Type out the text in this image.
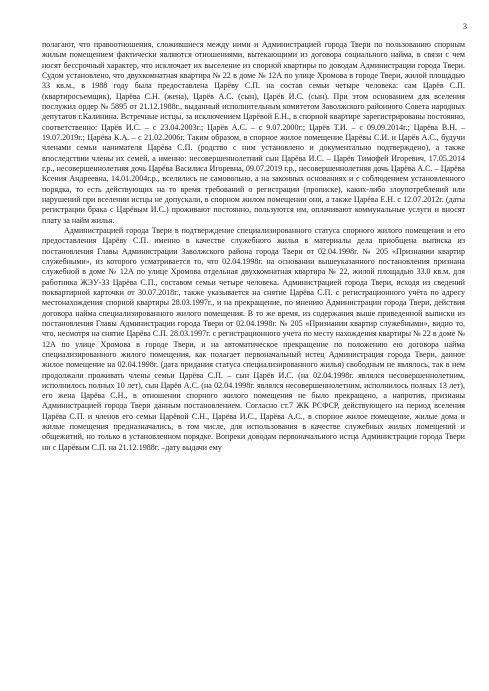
3

полагают, что правоотношения, сложившиеся между ними и Администрацией города Твери по пользованию спорным жилым помещением фактически являются отношениями, вытекающими из договора социального найма, в связи с чем носят бессрочный характер, что исключает их выселение из спорной квартиры по доводам Администрации города Твери. Судом установлено, что двухкомнатная квартира № 22 в доме № 12А по улице Хромова в городе Твери, жилой площадью 33 кв.м., в 1988 году была предоставлена Царёву С.П. на состав семьи четыре человека: сам Царёв С.П. (квартиросъемщик), Царёва С.Н. (жена), Царёв А.С. (сын), Царёв И.С. (сын). При этом основанием для вселения послужил ордер № 5895 от 21.12.1988г., выданный исполнительным комитетом Заволжского районного Совета народных депутатов г.Калинина. Встречные истцы, за исключением Царёвой Е.Н., в спорной квартире зарегистрированы постоянно, соответственно: Царёв И.С. – с 23.04.2003г.; Царёв А.С. – с 9.07.2000г.; Царёв Т.И. – с 09.09.2014г.; Царёва В.Н. – 19.07.2019г.; Царёва К.А. – с 21.02.2006г. Таким образом, в спорное жилое помещение Царёвы С.И. и Царёв А.С., будучи членами семьи нанимателя Царёва С.П. (родство с ним установлено и документально подтверждено), а также впоследствии члены их семей, а именно: несовершеннолетний сын Царёва И.С. – Царёв Тимофей Игоревич, 17.05.2014 г.р., несовершеннолетняя дочь Царёва Василиса Игоревна, 09.07.2019 г.р., несовершеннолетняя дочь Царёва А.С. – Царёва Ксения Андреевна, 14.01.2004г.р., вселились не самовольно, а на законных основаниях и с соблюдением установленного порядка, то есть действующих на то время требований о регистрации (прописке), каких-либо злоупотреблений или нарушений при вселении истцы не допускали, в спорном жилом помещении они, а также Царёва Е.Н. с 12.07.2012г. (даты регистрации брака с Царёвым И.С.) проживают постоянно, пользуются им, оплачивают коммунальные услуги и вносят плату за найм жилья.

Администрацией города Твери в подтверждение специализированного статуса спорного жилого помещения и его предоставления Царёву С.П. именно в качестве служебного жилья в материалы дела приобщена выписка из постановления Главы Администрации Заволжского района города Твери от 02.04.1998г. № 205 «Признании квартир служебными», из которого усматривается то, что 02.04.1998г. на основании вышеуказанного постановления признана служебной в доме № 12А по улице Хромова отдельная двухкомнатная квартира № 22, жилой площадью 33.0 кв.м. для работника ЖЭУ-33 Царёва С.П., составом семьи четыре человека. Администрацией города Твери, исходя из сведений поквартирной карточки от 30.07.2018г., также указывается на снятие Царёва С.П. с регистрационного учёта по адресу местонахождения спорной квартиры 28.03.1997г., и на прекращение, по мнению Администрации города Твери, действия договора найма специализированного жилого помещения. В то же время, из содержания выше приведенной выписки из постановления Главы Администрации города Твери от 02.04.1998г. № 205 «Признании квартир служебными», видно то, что, несмотря на снятие Царёва С.П. 28.03.1997г. с регистрационного учета по месту нахождения квартиры № 22 в доме № 12А по улице Хромова в городе Твери, и на автоматическое прекращение по положению ею договора найма специализированного жилого помещения, как полагает первоначальный истец Администрация города Твери, данное жилое помещение на 02.04.1998г. (дата придания статуса специализированного жилья) свободным не являлось, так в нем продолжали проживать члены семьи Царёва С.П. – сын Царёв И.С. (на 02.04.1998г. являлся несовершеннолетним, исполнилось полных 10 лет), сын Царёв А.С. (на 02.04.1998г. являлся несовершеннолетним, исполнилось полных 13 лет), его жена Царёва С.Н., в отношении спорного жилого помещения не было прекращено, а напротив, признаны Администрацией города Твери данным постановлением. Согласно ст.7 ЖК РСФСР, действующего на период вселения Царёва С.П. и членов его семьи Царёвой С.Н., Царёва И.С., Царёва А.С., в спорное жилое помещение, жилые дома и жилые помещения предназначались, в том числе, для использования в качестве служебных жилых помещений и общежитий, но только в установленном порядке. Вопреки доводам первоначального истца Администрации города Твери ни с Царёвым С.П. на 21.12.1988г. –дату выдачи ему
